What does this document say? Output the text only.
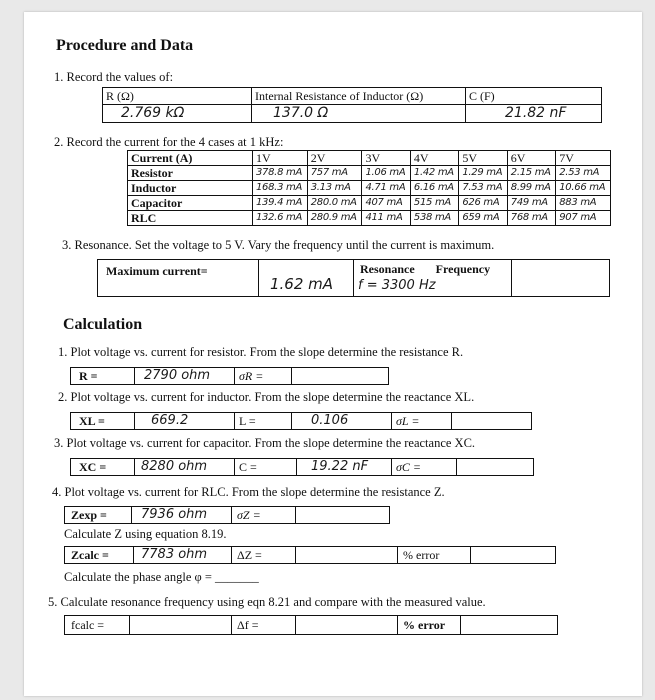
Procedure and Data
1. Record the values of:
R (Ω)	Internal Resistance of Inductor (Ω)	C (F)
2.769 kΩ	137.0 Ω	21.82 nF
2. Record the current for the 4 cases at 1 kHz:
Current (A)	1V	2V	3V	4V	5V	6V	7V
Resistor	378.8 mA	757 mA	1.06 mA	1.42 mA	1.29 mA	2.15 mA	2.53 mA
Inductor	168.3 mA	3.13 mA	4.71 mA	6.16 mA	7.53 mA	8.99 mA	10.66 mA
Capacitor	139.4 mA	280.0 mA	407 mA	515 mA	626 mA	749 mA	883 mA
RLC	132.6 mA	280.9 mA	411 mA	538 mA	659 mA	768 mA	907 mA
3. Resonance. Set the voltage to 5 V. Vary the frequency until the current is maximum.
Maximum current=
1.62 mA
Resonance Frequency
f = 3300 Hz
Calculation
1. Plot voltage vs. current for resistor. From the slope determine the resistance R.
R =	2790 ohm σR =
2. Plot voltage vs. current for inductor. From the slope determine the reactance XL.
XL =	669.2	L =	0.106	σL =
3. Plot voltage vs. current for capacitor. From the slope determine the reactance XC.
XC =	8280 ohm	C =	19.22 nF σC =
4. Plot voltage vs. current for RLC. From the slope determine the resistance Z.
Zexp =	7936 ohm σZ =
Calculate Z using equation 8.19.
Zcalc = 7783 ohm ΔZ =	% error
Calculate the phase angle φ = _______
5. Calculate resonance frequency using eqn 8.21 and compare with the measured value.
fcalc =	Δf =	% error
